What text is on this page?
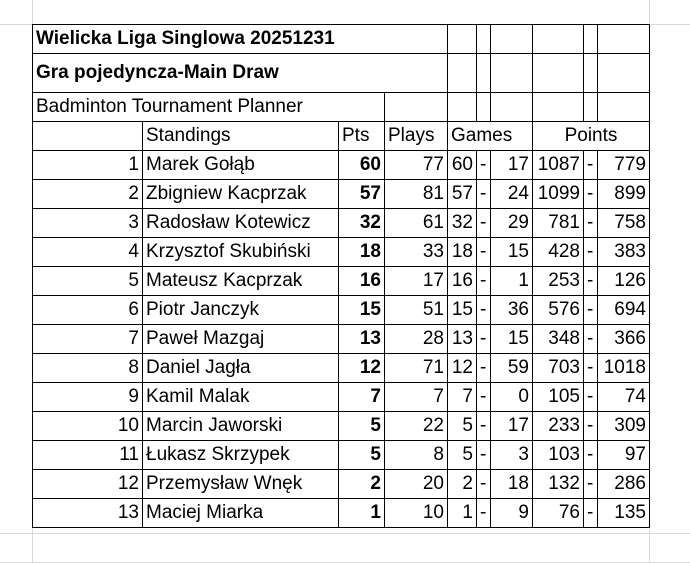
Wielicka Liga Singlowa 20251231									
Gra pojedyncza-Main Draw									
Badminton Tournament Planner									
	Standings	Pts	Plays	Games			Points		
1	Marek Gołąb	60	77	60	-	17	1087	-	779
2	Zbigniew Kacprzak	57	81	57	-	24	1099	-	899
3	Radosław Kotewicz	32	61	32	-	29	781	-	758
4	Krzysztof Skubiński	18	33	18	-	15	428	-	383
5	Mateusz Kacprzak	16	17	16	-	1	253	-	126
6	Piotr Janczyk	15	51	15	-	36	576	-	694
7	Paweł Mazgaj	13	28	13	-	15	348	-	366
8	Daniel Jagła	12	71	12	-	59	703	-	1018
9	Kamil Malak	7	7	7	-	0	105	-	74
10	Marcin Jaworski	5	22	5	-	17	233	-	309
11	Łukasz Skrzypek	5	8	5	-	3	103	-	97
12	Przemysław Wnęk	2	20	2	-	18	132	-	286
13	Maciej Miarka	1	10	1	-	9	76	-	135
